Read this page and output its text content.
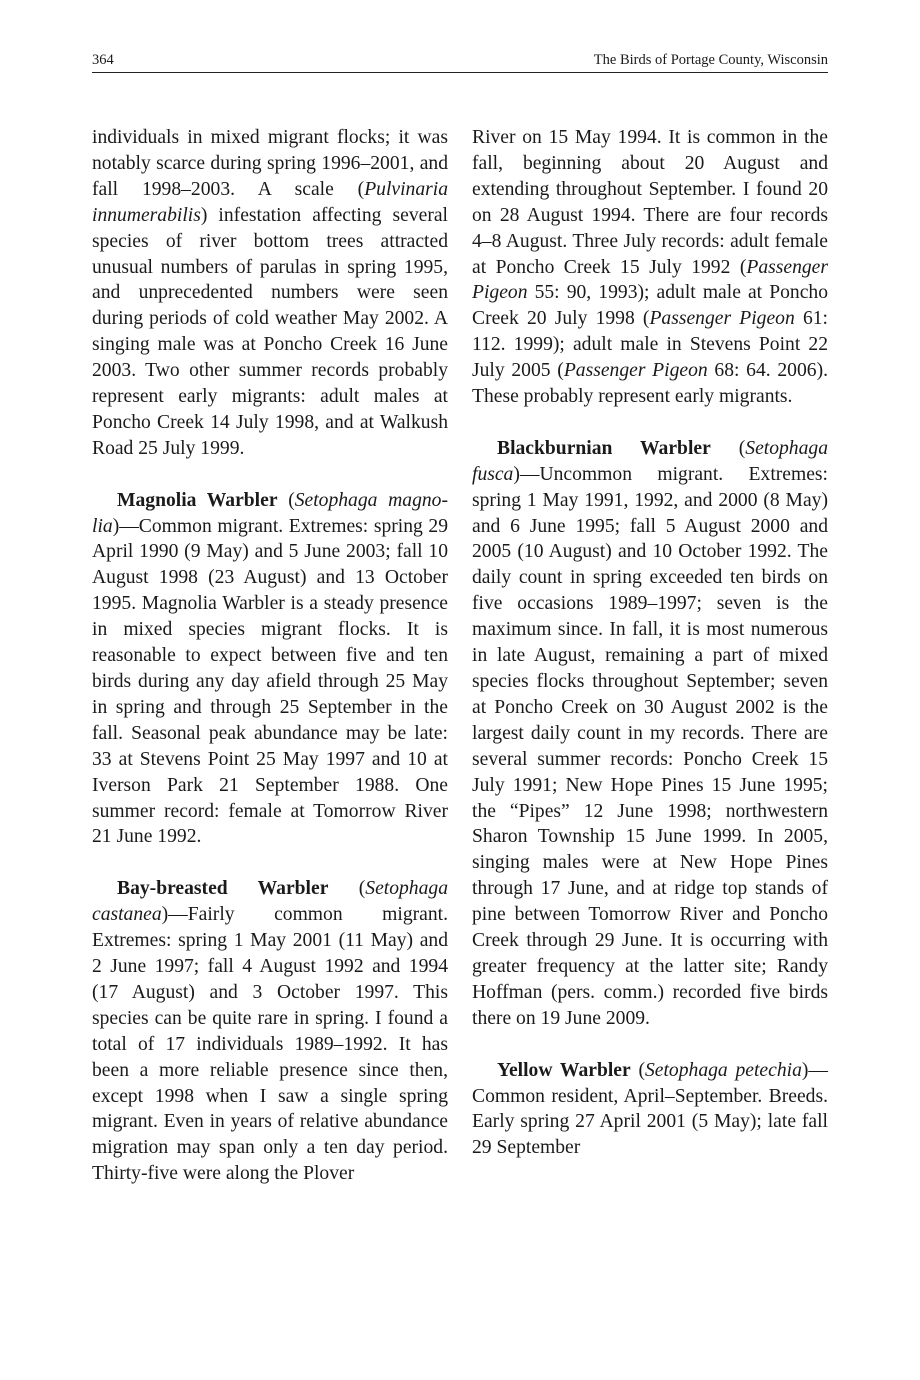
364	The Birds of Portage County, Wisconsin

individuals in mixed migrant flocks; it was notably scarce during spring 1996–2001, and fall 1998–2003. A scale (Pulvinaria innumerabilis) infestation affecting several species of river bottom trees attracted unusual numbers of parulas in spring 1995, and unprecedented numbers were seen during periods of cold weather May 2002. A singing male was at Poncho Creek 16 June 2003. Two other summer records probably represent early migrants: adult males at Poncho Creek 14 July 1998, and at Walkush Road 25 July 1999.

Magnolia Warbler (Setophaga magnolia)—Common migrant. Extremes: spring 29 April 1990 (9 May) and 5 June 2003; fall 10 August 1998 (23 August) and 13 October 1995. Magnolia Warbler is a steady presence in mixed species migrant flocks. It is reasonable to expect between five and ten birds during any day afield through 25 May in spring and through 25 September in the fall. Seasonal peak abundance may be late: 33 at Stevens Point 25 May 1997 and 10 at Iverson Park 21 September 1988. One summer record: female at Tomorrow River 21 June 1992.

Bay-breasted Warbler (Setophaga castanea)—Fairly common migrant. Extremes: spring 1 May 2001 (11 May) and 2 June 1997; fall 4 August 1992 and 1994 (17 August) and 3 October 1997. This species can be quite rare in spring. I found a total of 17 individuals 1989–1992. It has been a more reliable presence since then, except 1998 when I saw a single spring migrant. Even in years of relative abundance migration may span only a ten day period. Thirty-five were along the Plover

River on 15 May 1994. It is common in the fall, beginning about 20 August and extending throughout September. I found 20 on 28 August 1994. There are four records 4–8 August. Three July records: adult female at Poncho Creek 15 July 1992 (Passenger Pigeon 55: 90, 1993); adult male at Poncho Creek 20 July 1998 (Passenger Pigeon 61: 112. 1999); adult male in Stevens Point 22 July 2005 (Passenger Pigeon 68: 64. 2006). These probably represent early migrants.

Blackburnian Warbler (Setophaga fusca)—Uncommon migrant. Extremes: spring 1 May 1991, 1992, and 2000 (8 May) and 6 June 1995; fall 5 August 2000 and 2005 (10 August) and 10 October 1992. The daily count in spring exceeded ten birds on five occasions 1989–1997; seven is the maximum since. In fall, it is most numerous in late August, remaining a part of mixed species flocks throughout September; seven at Poncho Creek on 30 August 2002 is the largest daily count in my records. There are several summer records: Poncho Creek 15 July 1991; New Hope Pines 15 June 1995; the “Pipes” 12 June 1998; northwestern Sharon Township 15 June 1999. In 2005, singing males were at New Hope Pines through 17 June, and at ridge top stands of pine between Tomorrow River and Poncho Creek through 29 June. It is occurring with greater frequency at the latter site; Randy Hoffman (pers. comm.) recorded five birds there on 19 June 2009.

Yellow Warbler (Setophaga petechia)—Common resident, April–September. Breeds. Early spring 27 April 2001 (5 May); late fall 29 September
